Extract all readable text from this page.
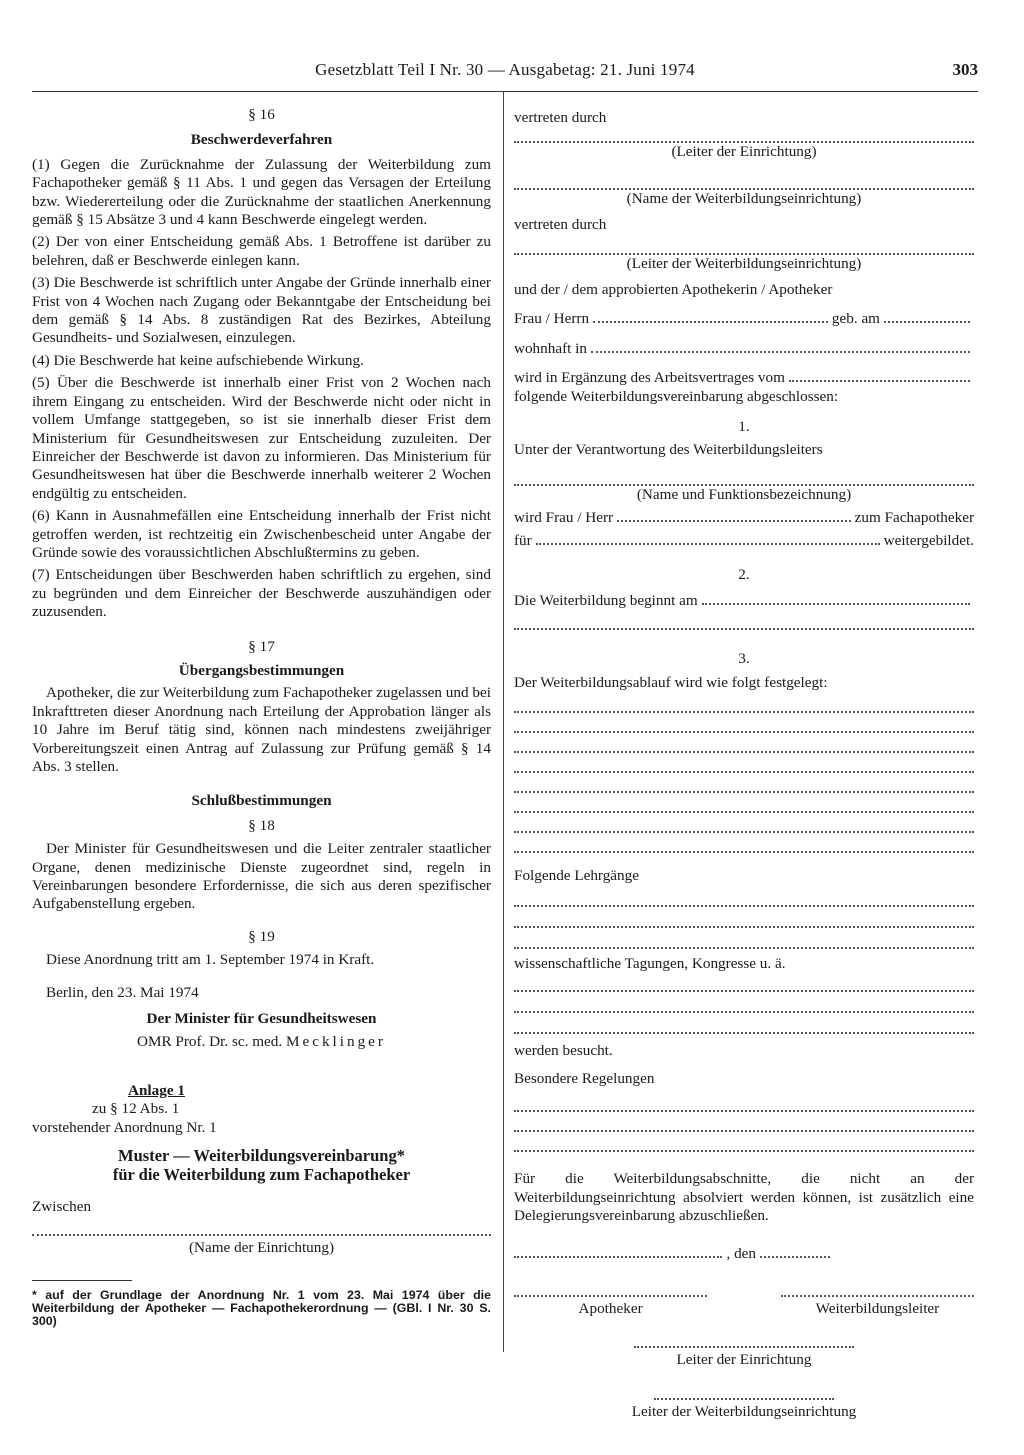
Gesetzblatt Teil I Nr. 30 — Ausgabetag: 21. Juni 1974	303

§ 16

Beschwerdeverfahren

(1) Gegen die Zurücknahme der Zulassung der Weiterbildung zum Fachapotheker gemäß § 11 Abs. 1 und gegen das Versagen der Erteilung bzw. Wiedererteilung oder die Zurücknahme der staatlichen Anerkennung gemäß § 15 Absätze 3 und 4 kann Beschwerde eingelegt werden.

(2) Der von einer Entscheidung gemäß Abs. 1 Betroffene ist darüber zu belehren, daß er Beschwerde einlegen kann.

(3) Die Beschwerde ist schriftlich unter Angabe der Gründe innerhalb einer Frist von 4 Wochen nach Zugang oder Bekanntgabe der Entscheidung bei dem gemäß § 14 Abs. 8 zuständigen Rat des Bezirkes, Abteilung Gesundheits- und Sozialwesen, einzulegen.

(4) Die Beschwerde hat keine aufschiebende Wirkung.

(5) Über die Beschwerde ist innerhalb einer Frist von 2 Wochen nach ihrem Eingang zu entscheiden. Wird der Beschwerde nicht oder nicht in vollem Umfange stattgegeben, so ist sie innerhalb dieser Frist dem Ministerium für Gesundheitswesen zur Entscheidung zuzuleiten. Der Einreicher der Beschwerde ist davon zu informieren. Das Ministerium für Gesundheitswesen hat über die Beschwerde innerhalb weiterer 2 Wochen endgültig zu entscheiden.

(6) Kann in Ausnahmefällen eine Entscheidung innerhalb der Frist nicht getroffen werden, ist rechtzeitig ein Zwischenbescheid unter Angabe der Gründe sowie des voraussichtlichen Abschlußtermins zu geben.

(7) Entscheidungen über Beschwerden haben schriftlich zu ergehen, sind zu begründen und dem Einreicher der Beschwerde auszuhändigen oder zuzusenden.

§ 17

Übergangsbestimmungen

Apotheker, die zur Weiterbildung zum Fachapotheker zugelassen und bei Inkrafttreten dieser Anordnung nach Erteilung der Approbation länger als 10 Jahre im Beruf tätig sind, können nach mindestens zweijähriger Vorbereitungszeit einen Antrag auf Zulassung zur Prüfung gemäß § 14 Abs. 3 stellen.

Schlußbestimmungen

§ 18

Der Minister für Gesundheitswesen und die Leiter zentraler staatlicher Organe, denen medizinische Dienste zugeordnet sind, regeln in Vereinbarungen besondere Erfordernisse, die sich aus deren spezifischer Aufgabenstellung ergeben.

§ 19

Diese Anordnung tritt am 1. September 1974 in Kraft.

Berlin, den 23. Mai 1974

Der Minister für Gesundheitswesen

OMR Prof. Dr. sc. med. Mecklinger

Anlage 1

zu § 12 Abs. 1

vorstehender Anordnung Nr. 1

Muster — Weiterbildungsvereinbarung*

für die Weiterbildung zum Fachapotheker

Zwischen

(Name der Einrichtung)

* auf der Grundlage der Anordnung Nr. 1 vom 23. Mai 1974 über die Weiterbildung der Apotheker — Fachapothekerordnung — (GBl. I Nr. 30 S. 300)

vertreten durch

(Leiter der Einrichtung)

(Name der Weiterbildungseinrichtung)

vertreten durch

(Leiter der Weiterbildungseinrichtung)

und der / dem approbierten Apothekerin / Apotheker

Frau / Herrn	geb. am
wohnhaft in
wird in Ergänzung des Arbeitsvertrages vom

folgende Weiterbildungsvereinbarung abgeschlossen:

1.

Unter der Verantwortung des Weiterbildungsleiters

(Name und Funktionsbezeichnung)

wird Frau / Herr	zum Fachapotheker
für	weitergebildet.

2.

Die Weiterbildung beginnt am

3.

Der Weiterbildungsablauf wird wie folgt festgelegt:

Folgende Lehrgänge

wissenschaftliche Tagungen, Kongresse u. ä.

werden besucht.

Besondere Regelungen

Für die Weiterbildungsabschnitte, die nicht an der Weiterbildungseinrichtung absolviert werden können, ist zusätzlich eine Delegierungsvereinbarung abzuschließen.

, den
Apotheker	Weiterbildungsleiter
Leiter der Einrichtung
Leiter der Weiterbildungseinrichtung
